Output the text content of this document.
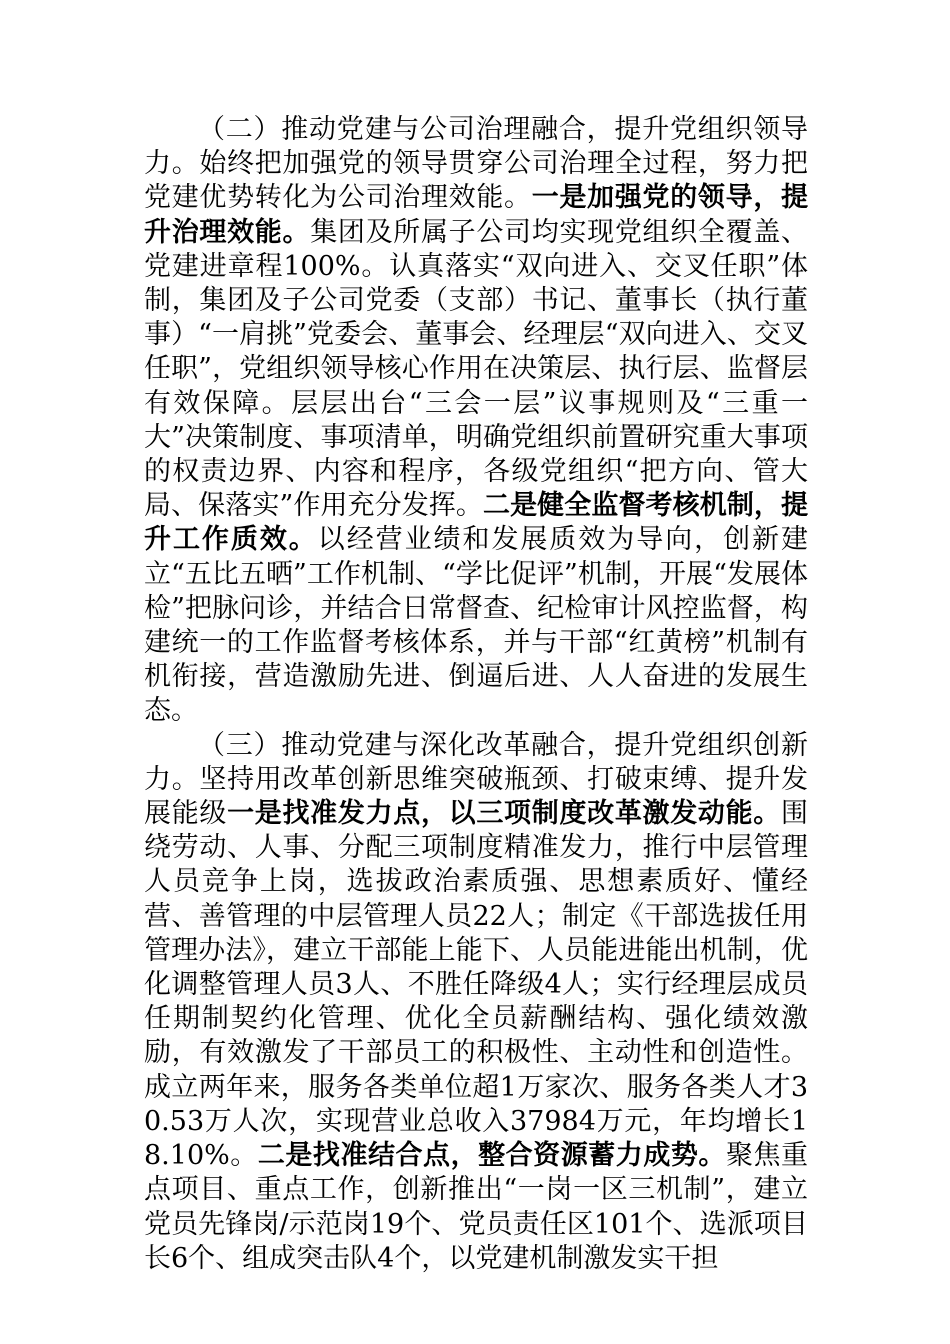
（二）推动党建与公司治理融合，提升党组织领导力。始终把加强党的领导贯穿公司治理全过程，努力把党建优势转化为公司治理效能。一是加强党的领导，提升治理效能。集团及所属子公司均实现党组织全覆盖、党建进章程100%。认真落实“双向进入、交叉任职”体制，集团及子公司党委（支部）书记、董事长（执行董事）“一肩挑”党委会、董事会、经理层“双向进入、交叉任职”，党组织领导核心作用在决策层、执行层、监督层有效保障。层层出台“三会一层”议事规则及“三重一大”决策制度、事项清单，明确党组织前置研究重大事项的权责边界、内容和程序，各级党组织“把方向、管大局、保落实”作用充分发挥。二是健全监督考核机制，提升工作质效。以经营业绩和发展质效为导向，创新建立“五比五晒”工作机制、“学比促评”机制，开展“发展体检”把脉问诊，并结合日常督查、纪检审计风控监督，构建统一的工作监督考核体系，并与干部“红黄榜”机制有机衔接，营造激励先进、倒逼后进、人人奋进的发展生态。

（三）推动党建与深化改革融合，提升党组织创新力。坚持用改革创新思维突破瓶颈、打破束缚、提升发展能级一是找准发力点，以三项制度改革激发动能。围绕劳动、人事、分配三项制度精准发力，推行中层管理人员竞争上岗，选拔政治素质强、思想素质好、懂经营、善管理的中层管理人员22人；制定《干部选拔任用管理办法》，建立干部能上能下、人员能进能出机制，优化调整管理人员3人、不胜任降级4人；实行经理层成员任期制契约化管理、优化全员薪酬结构、强化绩效激励，有效激发了干部员工的积极性、主动性和创造性。成立两年来，服务各类单位超1万家次、服务各类人才30.53万人次，实现营业总收入37984万元，年均增长18.10%。二是找准结合点，整合资源蓄力成势。聚焦重点项目、重点工作，创新推出“一岗一区三机制”，建立党员先锋岗/示范岗19个、党员责任区101个、选派项目长6个、组成突击队4个，以党建机制激发实干担
